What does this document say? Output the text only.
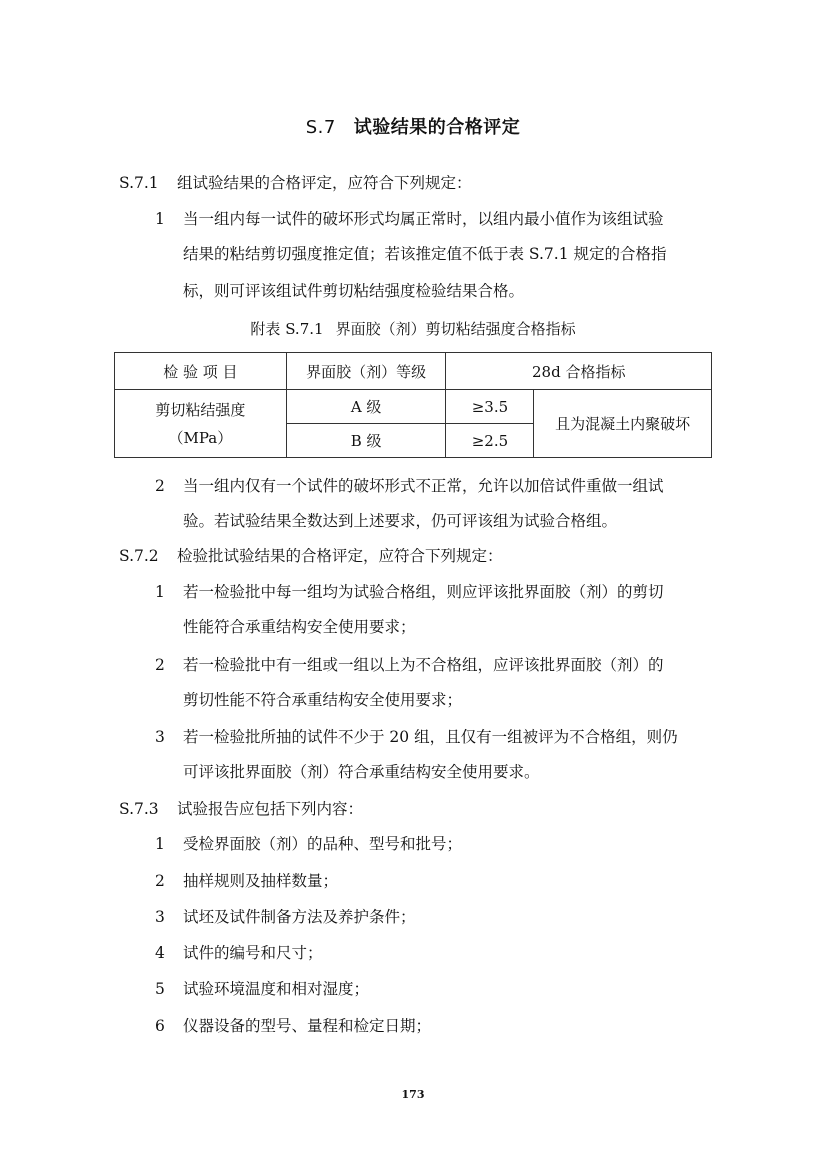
S.7 试验结果的合格评定
S.7.1 组试验结果的合格评定，应符合下列规定：
1 当一组内每一试件的破坏形式均属正常时，以组内最小值作为该组试验
结果的粘结剪切强度推定值；若该推定值不低于表 S.7.1 规定的合格指
标，则可评该组试件剪切粘结强度检验结果合格。
附表 S.7.1 界面胶（剂）剪切粘结强度合格指标
检 验 项 目	界面胶（剂）等级	28d 合格指标	

剪切粘结强度
（MPa）	A 级	≥3.5	且为混凝土内聚破坏
	B 级	≥2.5	
2 当一组内仅有一个试件的破坏形式不正常，允许以加倍试件重做一组试
验。若试验结果全数达到上述要求，仍可评该组为试验合格组。
S.7.2 检验批试验结果的合格评定，应符合下列规定：
1 若一检验批中每一组均为试验合格组，则应评该批界面胶（剂）的剪切
性能符合承重结构安全使用要求；
2 若一检验批中有一组或一组以上为不合格组，应评该批界面胶（剂）的
剪切性能不符合承重结构安全使用要求；
3 若一检验批所抽的试件不少于 20 组，且仅有一组被评为不合格组，则仍
可评该批界面胶（剂）符合承重结构安全使用要求。
S.7.3 试验报告应包括下列内容：
1 受检界面胶（剂）的品种、型号和批号；
2 抽样规则及抽样数量；
3 试坯及试件制备方法及养护条件；
4 试件的编号和尺寸；
5 试验环境温度和相对湿度；
6 仪器设备的型号、量程和检定日期；
173
